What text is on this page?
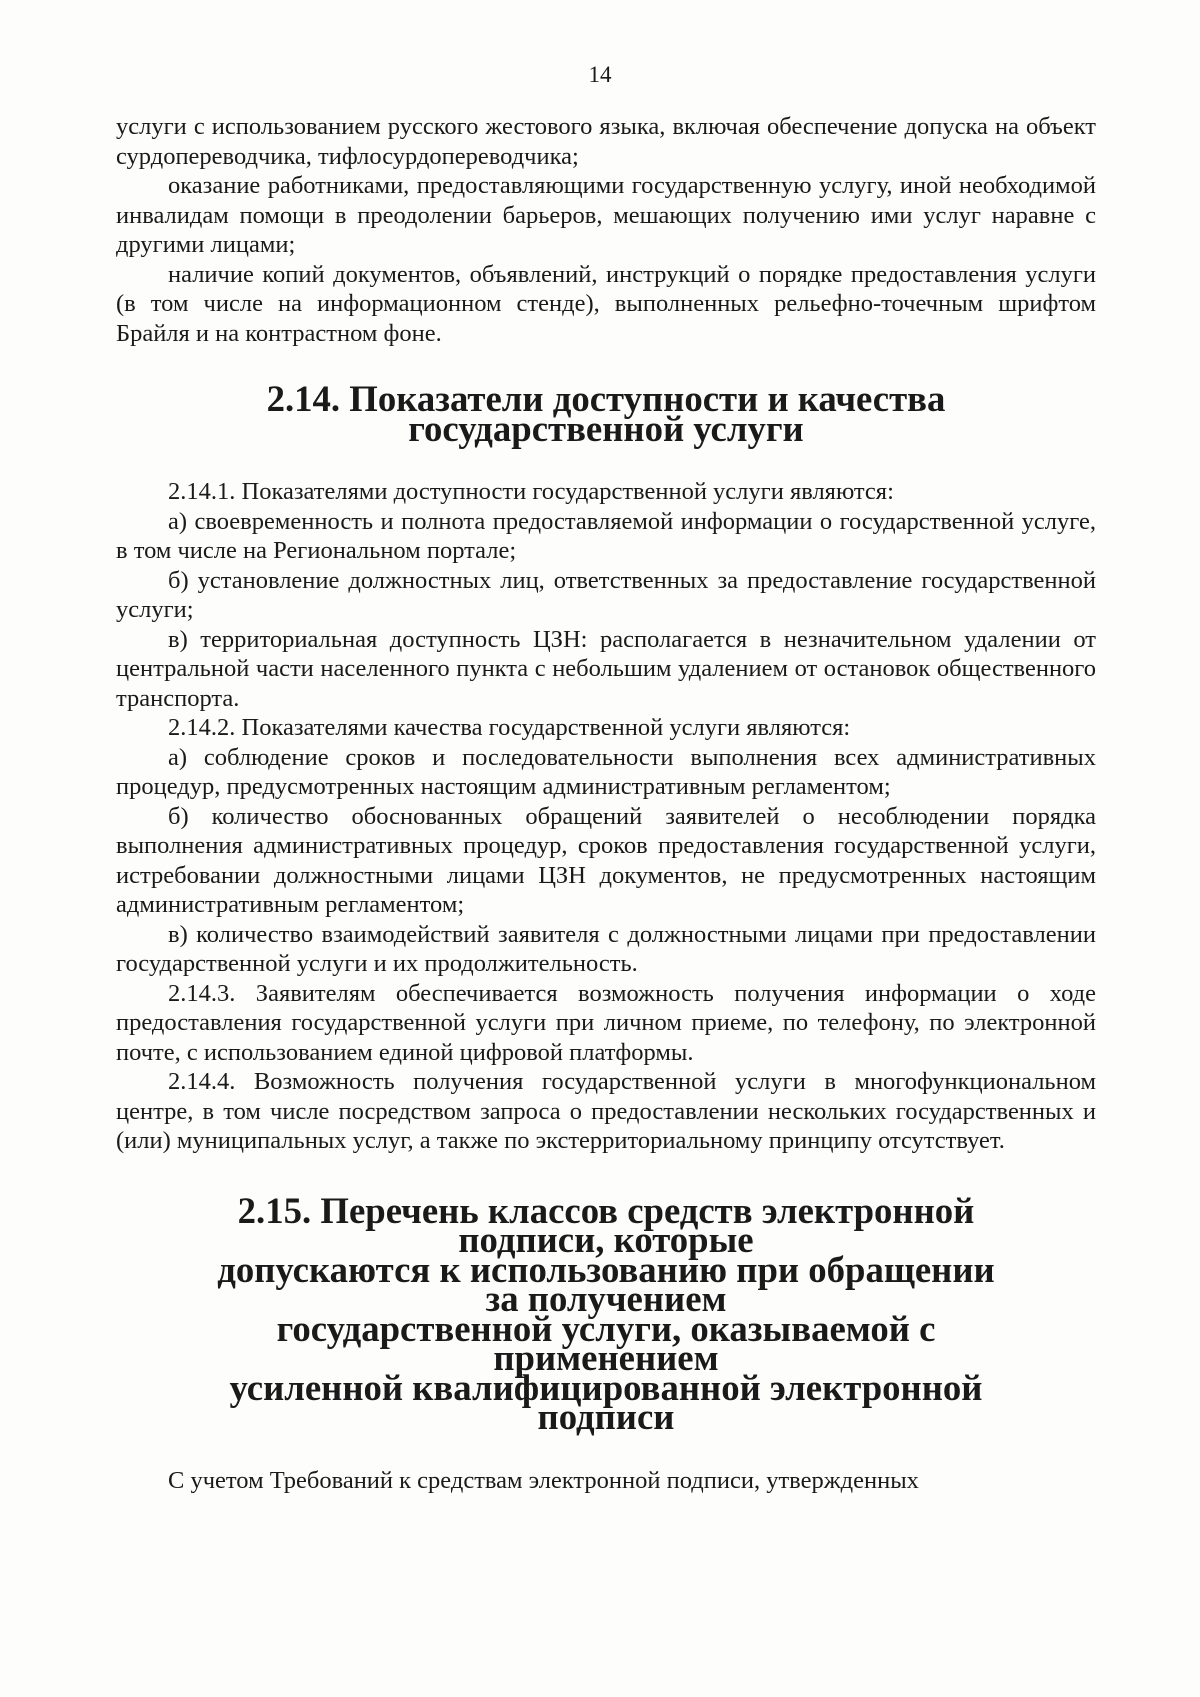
14

услуги с использованием русского жестового языка, включая обеспечение допуска на объект сурдопереводчика, тифлосурдопереводчика;

оказание работниками, предоставляющими государственную услугу, иной необходимой инвалидам помощи в преодолении барьеров, мешающих получению ими услуг наравне с другими лицами;

наличие копий документов, объявлений, инструкций о порядке предоставления услуги (в том числе на информационном стенде), выполненных рельефно-точечным шрифтом Брайля и на контрастном фоне.

2.14. Показатели доступности и качества
государственной услуги

2.14.1. Показателями доступности государственной услуги являются:

а) своевременность и полнота предоставляемой информации о государственной услуге, в том числе на Региональном портале;

б) установление должностных лиц, ответственных за предоставление государственной услуги;

в) территориальная доступность ЦЗН: располагается в незначительном удалении от центральной части населенного пункта с небольшим удалением от остановок общественного транспорта.

2.14.2. Показателями качества государственной услуги являются:

а) соблюдение сроков и последовательности выполнения всех административных процедур, предусмотренных настоящим административным регламентом;

б) количество обоснованных обращений заявителей о несоблюдении порядка выполнения административных процедур, сроков предоставления государственной услуги, истребовании должностными лицами ЦЗН документов, не предусмотренных настоящим административным регламентом;

в) количество взаимодействий заявителя с должностными лицами при предоставлении государственной услуги и их продолжительность.

2.14.3. Заявителям обеспечивается возможность получения информации о ходе предоставления государственной услуги при личном приеме, по телефону, по электронной почте, с использованием единой цифровой платформы.

2.14.4. Возможность получения государственной услуги в многофункциональном центре, в том числе посредством запроса о предоставлении нескольких государственных и (или) муниципальных услуг, а также по экстерриториальному принципу отсутствует.

2.15. Перечень классов средств электронной подписи, которые
допускаются к использованию при обращении за получением
государственной услуги, оказываемой с применением
усиленной квалифицированной электронной подписи

С учетом Требований к средствам электронной подписи, утвержденных
